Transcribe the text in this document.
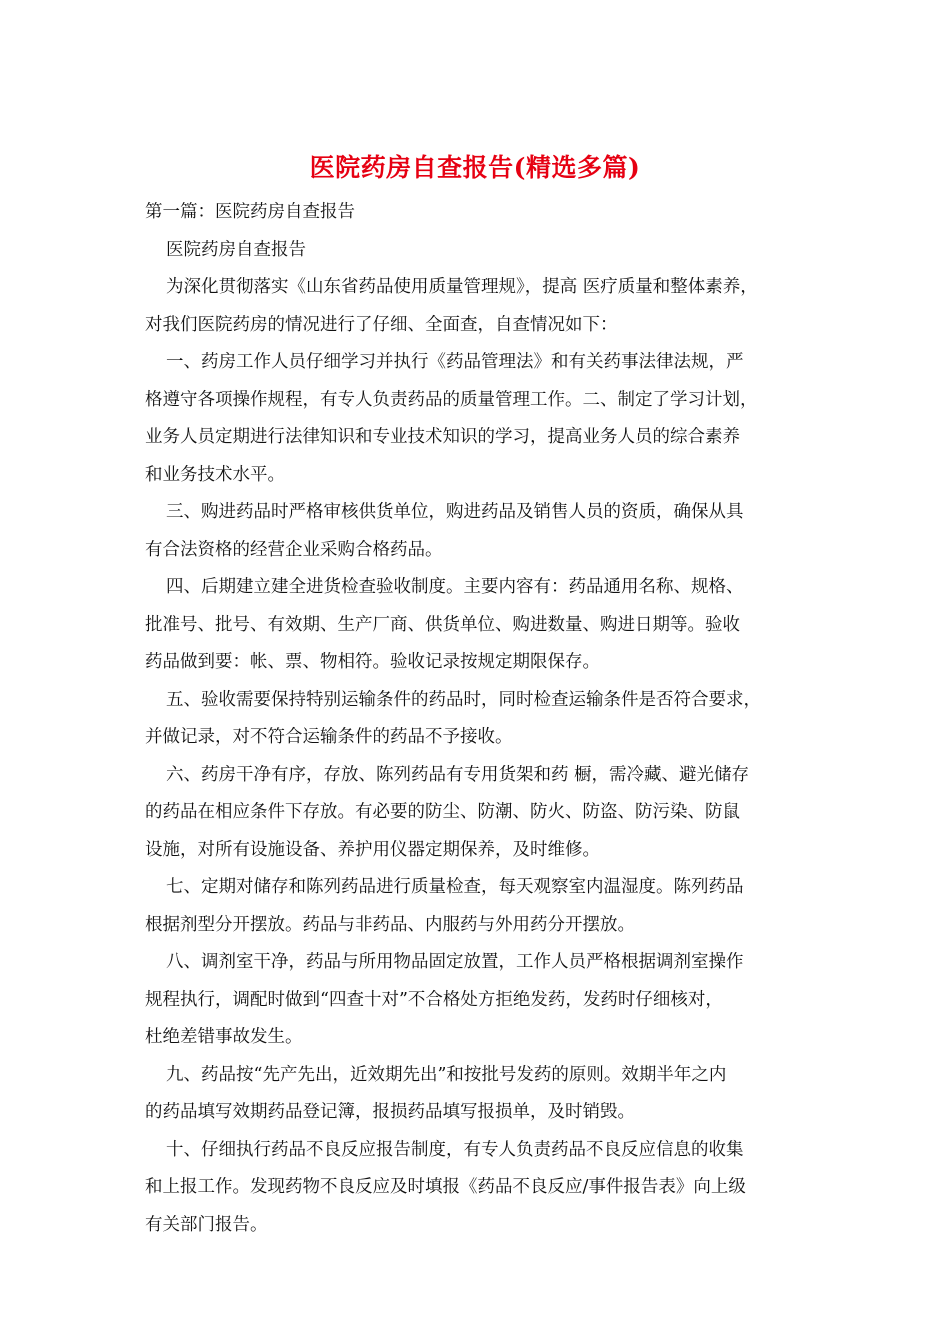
医院药房自查报告(精选多篇)
第一篇：医院药房自查报告
医院药房自查报告
为深化贯彻落实《山东省药品使用质量管理规》，提高 医疗质量和整体素养，
对我们医院药房的情况进行了仔细、全面查，自查情况如下：
一、药房工作人员仔细学习并执行《药品管理法》和有关药事法律法规，严
格遵守各项操作规程，有专人负责药品的质量管理工作。二、制定了学习计划，
业务人员定期进行法律知识和专业技术知识的学习，提高业务人员的综合素养
和业务技术水平。
三、购进药品时严格审核供货单位，购进药品及销售人员的资质，确保从具
有合法资格的经营企业采购合格药品。
四、后期建立建全进货检查验收制度。主要内容有：药品通用名称、规格、
批准号、批号、有效期、生产厂商、供货单位、购进数量、购进日期等。验收
药品做到要：帐、票、物相符。验收记录按规定期限保存。
五、验收需要保持特别运输条件的药品时，同时检查运输条件是否符合要求，
并做记录，对不符合运输条件的药品不予接收。
六、药房干净有序，存放、陈列药品有专用货架和药 橱，需冷藏、避光储存
的药品在相应条件下存放。有必要的防尘、防潮、防火、防盗、防污染、防鼠
设施，对所有设施设备、养护用仪器定期保养，及时维修。
七、定期对储存和陈列药品进行质量检查，每天观察室内温湿度。陈列药品
根据剂型分开摆放。药品与非药品、内服药与外用药分开摆放。
八、调剂室干净，药品与所用物品固定放置，工作人员严格根据调剂室操作
规程执行，调配时做到“四查十对”不合格处方拒绝发药，发药时仔细核对，
杜绝差错事故发生。
九、药品按“先产先出，近效期先出”和按批号发药的原则。效期半年之内
的药品填写效期药品登记簿，报损药品填写报损单，及时销毁。
十、仔细执行药品不良反应报告制度，有专人负责药品不良反应信息的收集
和上报工作。发现药物不良反应及时填报《药品不良反应/事件报告表》向上级
有关部门报告。
